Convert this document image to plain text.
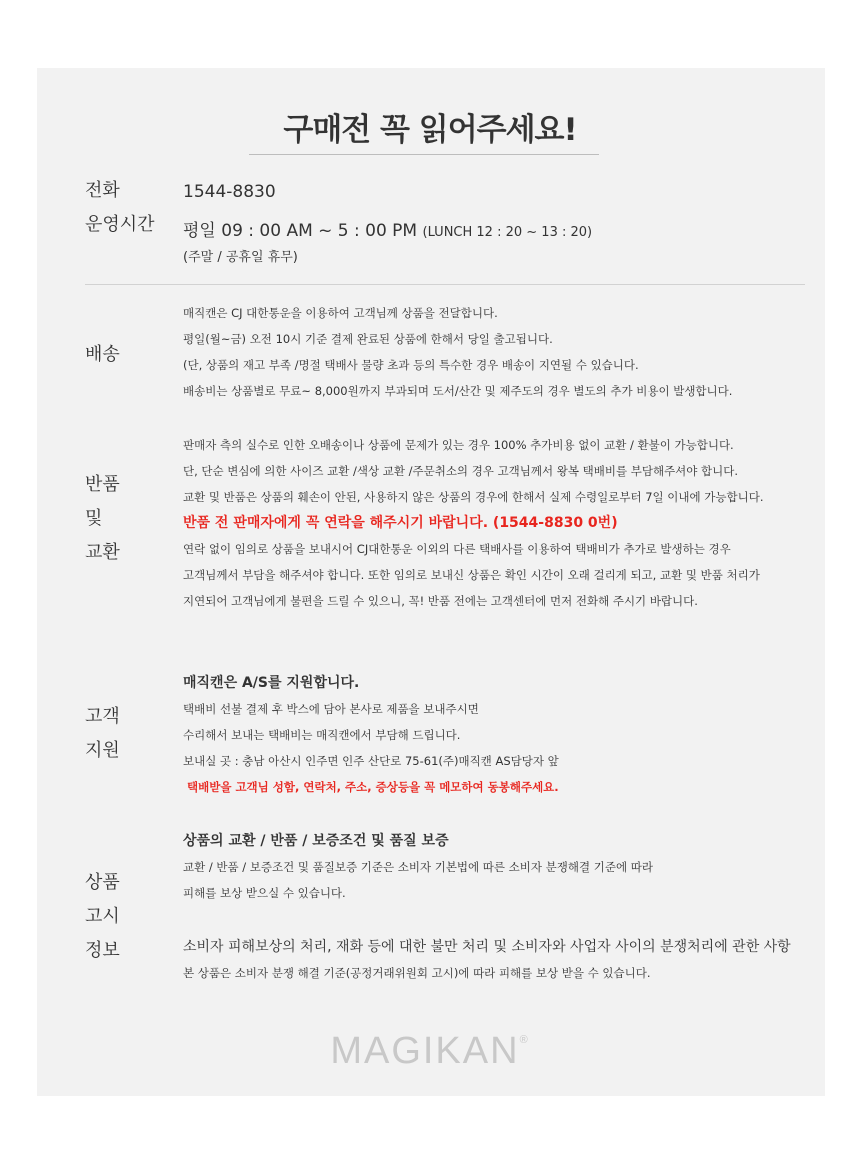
구매전 꼭 읽어주세요!
전화	1544-8830
운영시간 평일 09 : 00 AM ~ 5 : 00 PM (LUNCH 12 : 20 ~ 13 : 20)
(주말 / 공휴일 휴무)
배송
매직캔은 CJ 대한통운을 이용하여 고객님께 상품을 전달합니다.
평일(월~금) 오전 10시 기준 결제 완료된 상품에 한해서 당일 출고됩니다.
(단, 상품의 재고 부족 /명절 택배사 물량 초과 등의 특수한 경우 배송이 지연될 수 있습니다.
배송비는 상품별로 무료~ 8,000원까지 부과되며 도서/산간 및 제주도의 경우 별도의 추가 비용이 발생합니다.
반품
및
교환
판매자 측의 실수로 인한 오배송이나 상품에 문제가 있는 경우 100% 추가비용 없이 교환 / 환불이 가능합니다.
단, 단순 변심에 의한 사이즈 교환 /색상 교환 /주문취소의 경우 고객님께서 왕복 택배비를 부담해주셔야 합니다.
교환 및 반품은 상품의 훼손이 안된, 사용하지 않은 상품의 경우에 한해서 실제 수령일로부터 7일 이내에 가능합니다.
반품 전 판매자에게 꼭 연락을 해주시기 바랍니다. (1544-8830 0번)
연락 없이 임의로 상품을 보내시어 CJ대한통운 이외의 다른 택배사를 이용하여 택배비가 추가로 발생하는 경우
고객님께서 부담을 해주셔야 합니다. 또한 임의로 보내신 상품은 확인 시간이 오래 걸리게 되고, 교환 및 반품 처리가
지연되어 고객님에게 불편을 드릴 수 있으니, 꼭! 반품 전에는 고객센터에 먼저 전화해 주시기 바랍니다.
고객
지원
매직캔은 A/S를 지원합니다.
택배비 선불 결제 후 박스에 담아 본사로 제품을 보내주시면
수리해서 보내는 택배비는 매직캔에서 부담해 드립니다.
보내실 곳 : 충남 아산시 인주면 인주 산단로 75-61(주)매직캔 AS담당자 앞
택배받을 고객님 성함, 연락처, 주소, 증상등을 꼭 메모하여 동봉해주세요.
상품
고시
정보
상품의 교환 / 반품 / 보증조건 및 품질 보증
교환 / 반품 / 보증조건 및 품질보증 기준은 소비자 기본법에 따른 소비자 분쟁해결 기준에 따라
피해를 보상 받으실 수 있습니다.
소비자 피해보상의 처리, 재화 등에 대한 불만 처리 및 소비자와 사업자 사이의 분쟁처리에 관한 사항
본 상품은 소비자 분쟁 해결 기준(공정거래위원회 고시)에 따라 피해를 보상 받을 수 있습니다.
MAGIKAN®
